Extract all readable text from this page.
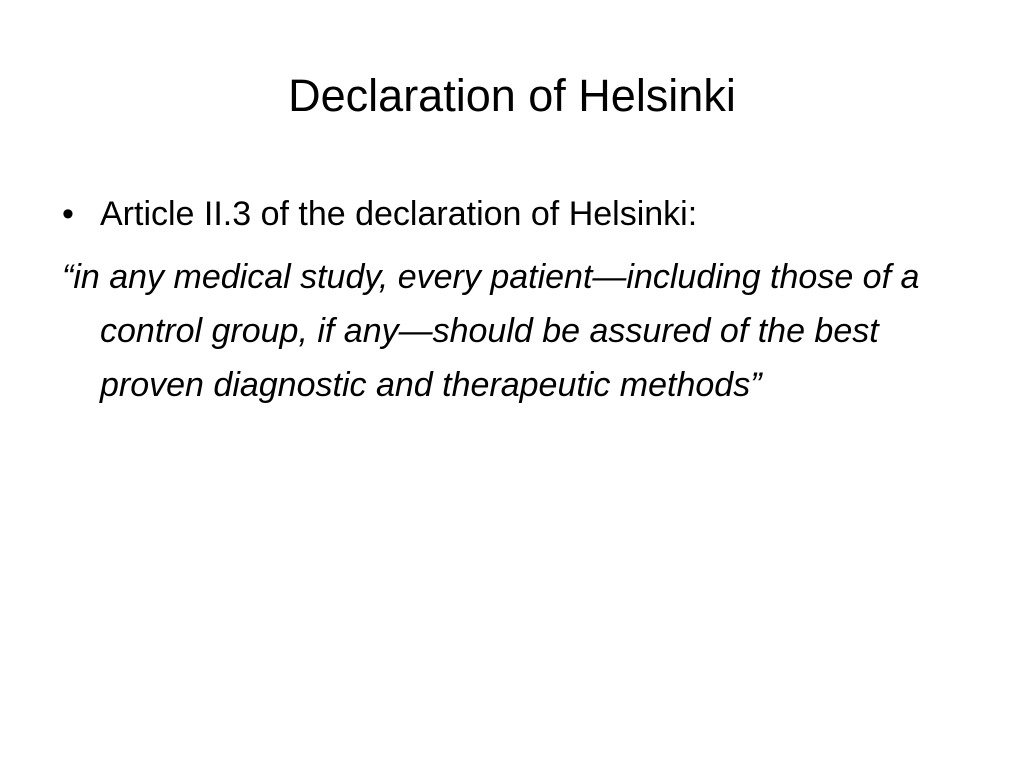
Declaration of Helsinki
• Article II.3 of the declaration of Helsinki:
“in any medical study, every patient—including those of a control group, if any—should be assured of the best proven diagnostic and therapeutic methods”
